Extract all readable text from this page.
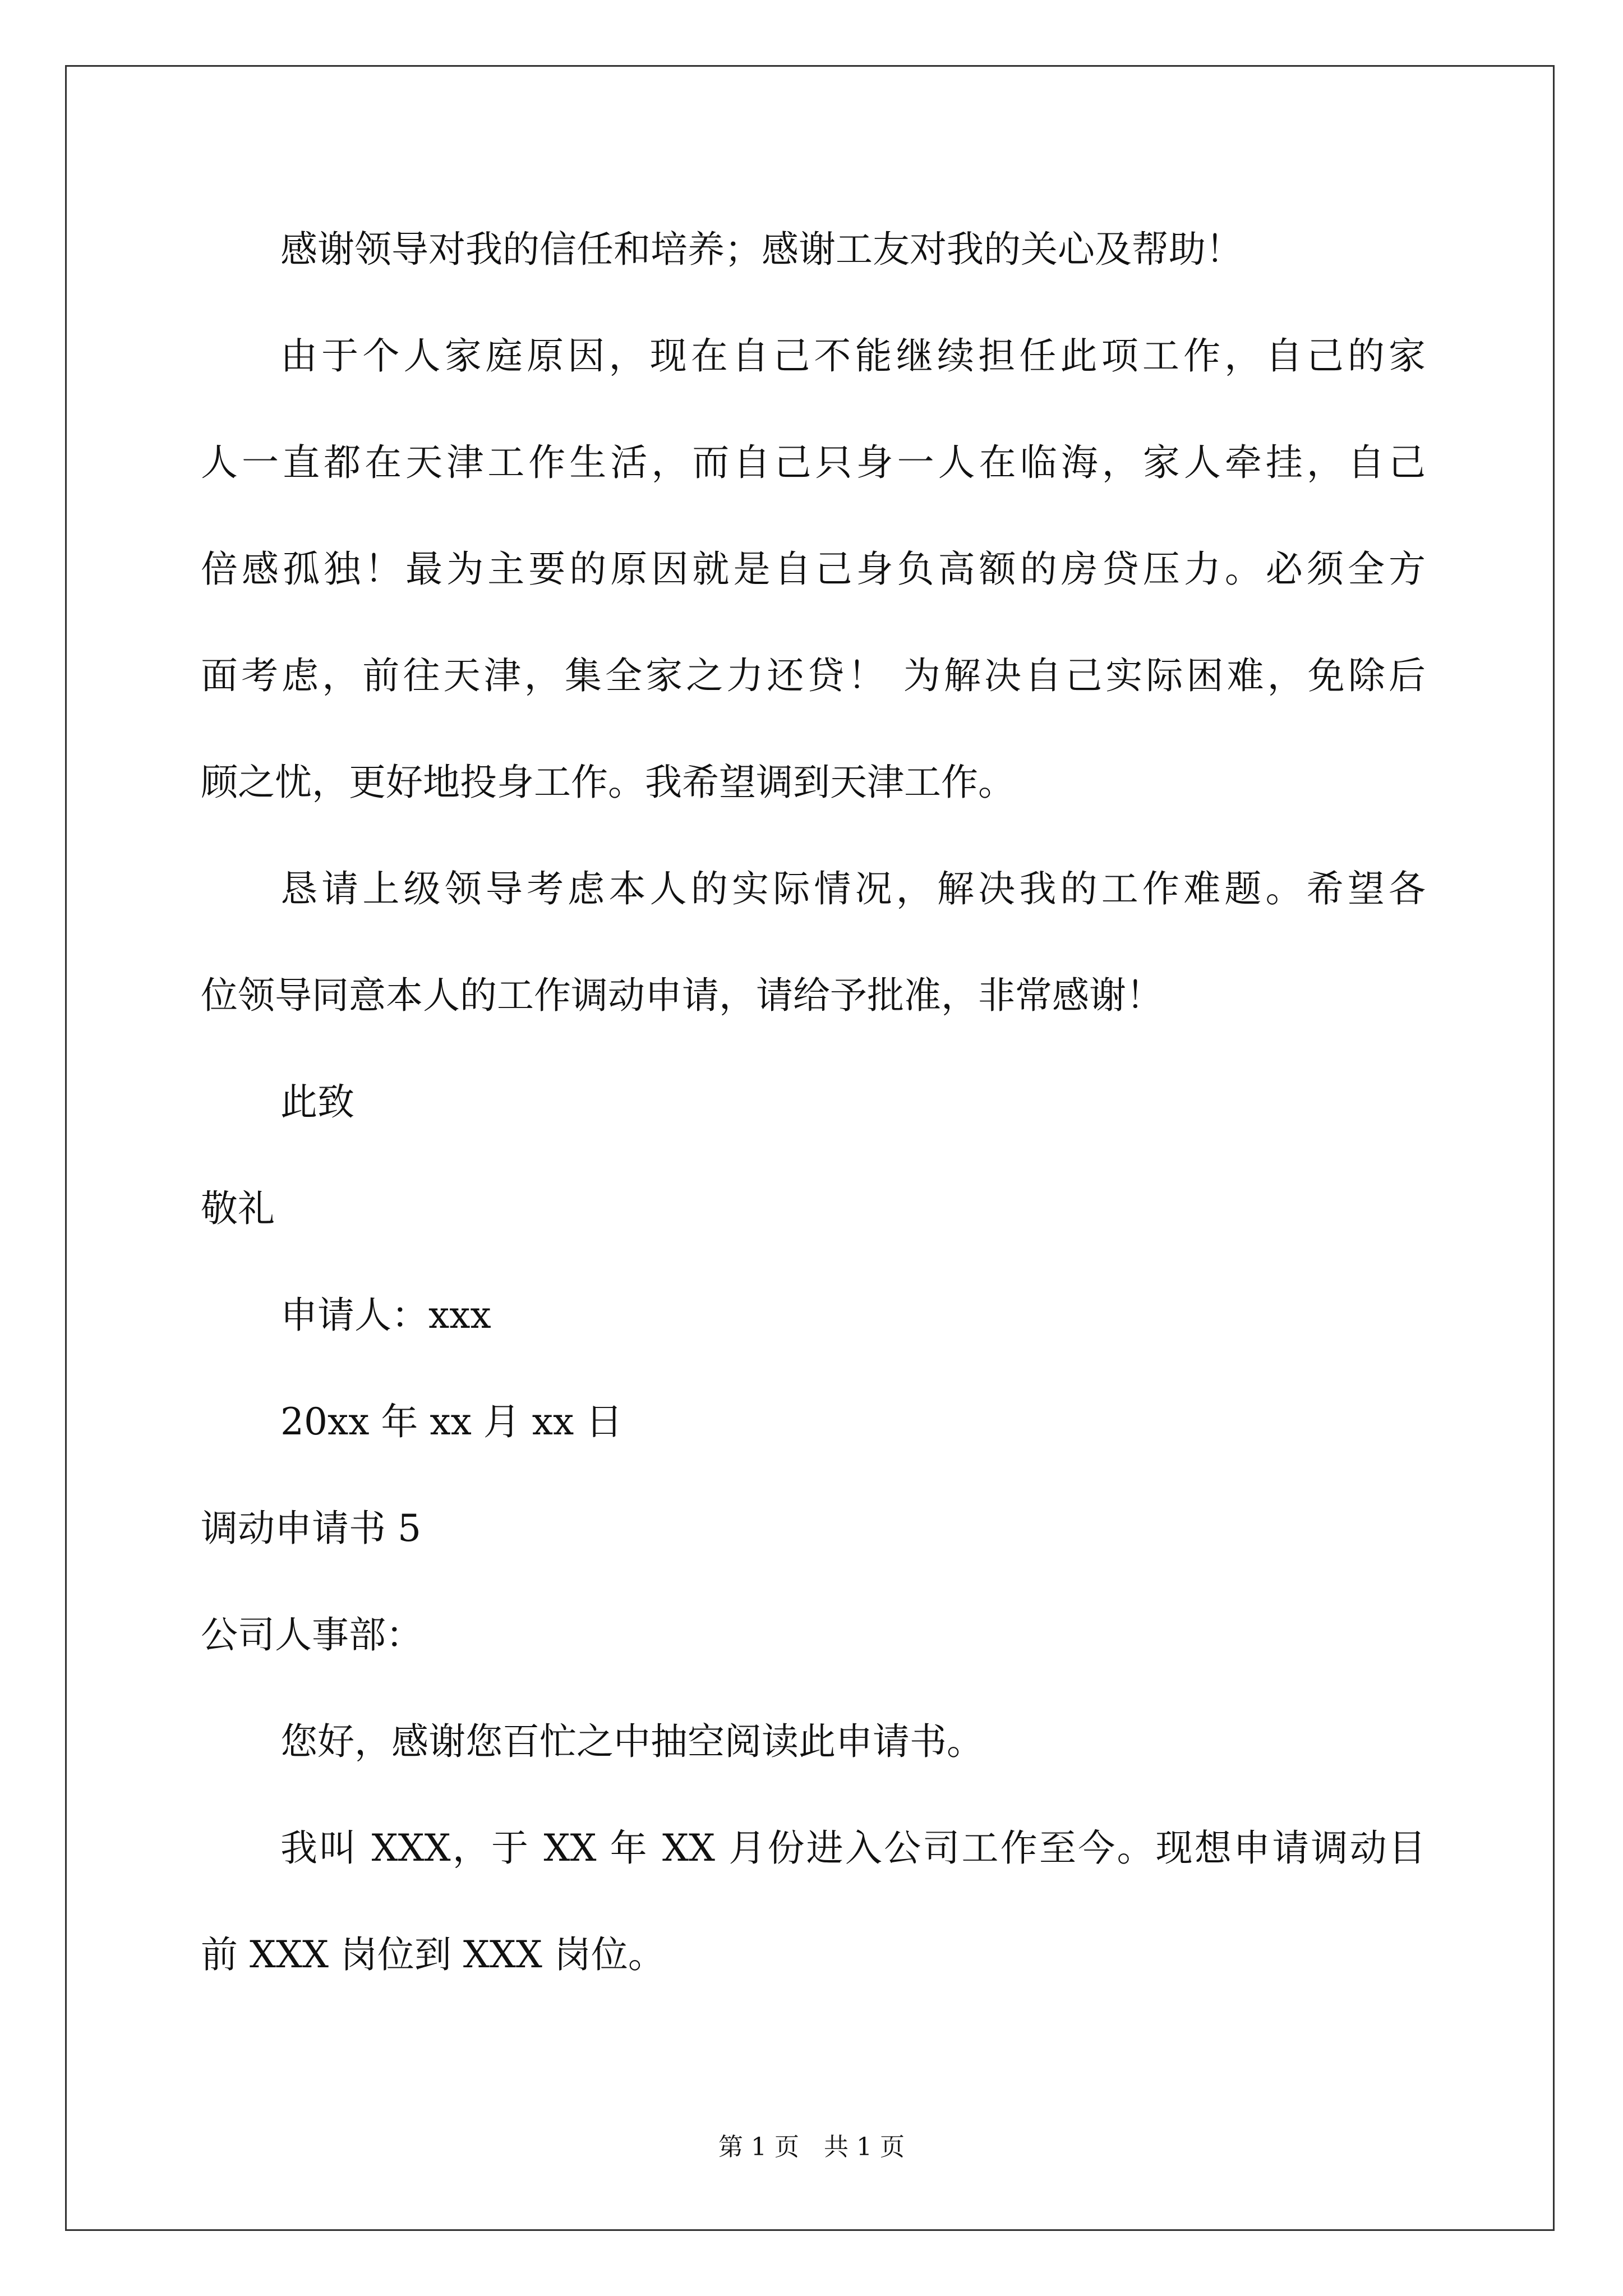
感谢领导对我的信任和培养；感谢工友对我的关心及帮助！

由于个人家庭原因，现在自己不能继续担任此项工作，自己的家

人一直都在天津工作生活，而自己只身一人在临海，家人牵挂，自己

倍感孤独！最为主要的原因就是自己身负高额的房贷压力。必须全方

面考虑，前往天津，集全家之力还贷！ 为解决自己实际困难，免除后

顾之忧，更好地投身工作。我希望调到天津工作。

恳请上级领导考虑本人的实际情况，解决我的工作难题。希望各

位领导同意本人的工作调动申请，请给予批准，非常感谢！

此致

敬礼

申请人：xxx

20xx 年 xx 月 xx 日

调动申请书 5

公司人事部：

您好，感谢您百忙之中抽空阅读此申请书。

我叫 XXX，于 XX 年 XX 月份进入公司工作至今。现想申请调动目

前 XXX 岗位到 XXX 岗位。

第 1 页　共 1 页
